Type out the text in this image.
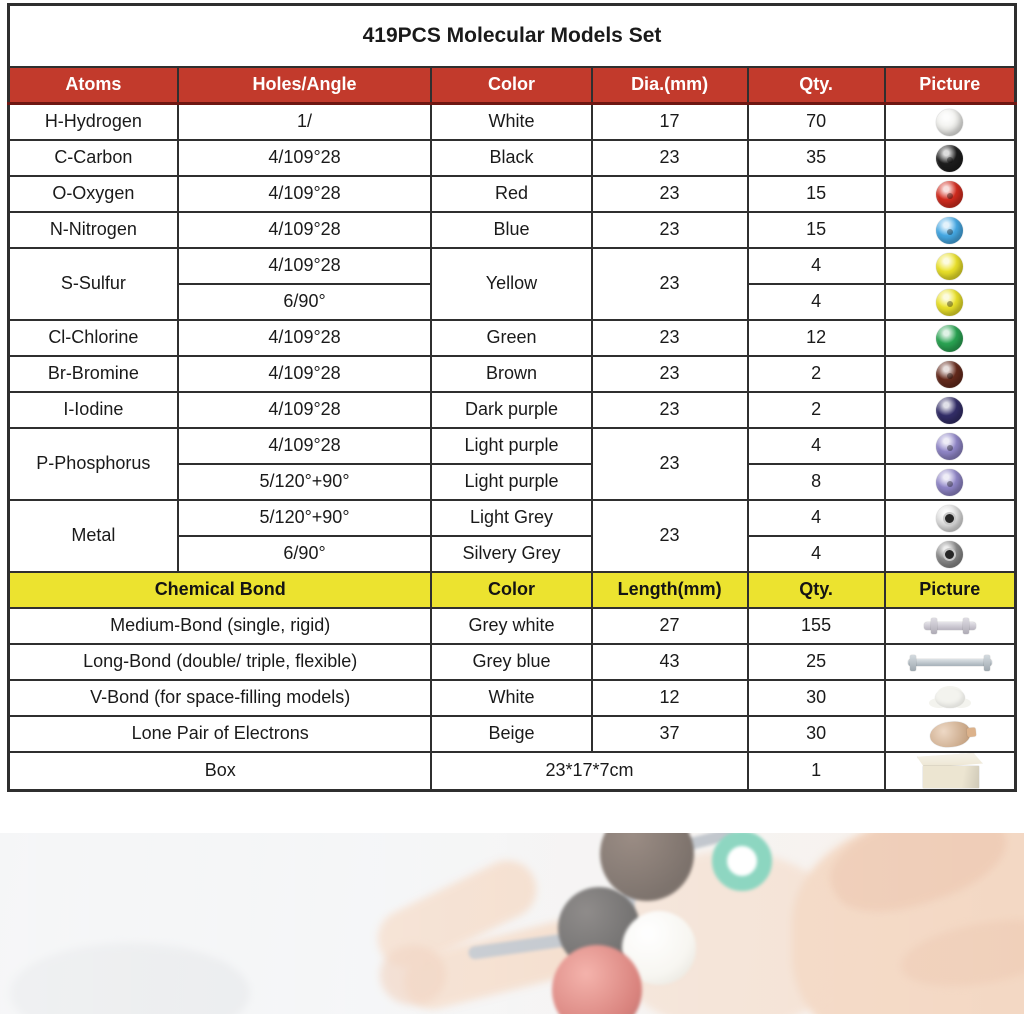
419PCS Molecular Models Set					
Atoms	Holes/Angle	Color	Dia.(mm)	Qty.	Picture
H-Hydrogen	1/	White	17	70	
C-Carbon	4/109°28	Black	23	35	
O-Oxygen	4/109°28	Red	23	15	
N-Nitrogen	4/109°28	Blue	23	15	
S-Sulfur	4/109°28	Yellow	23	4	
	6/90°			4	
Cl-Chlorine	4/109°28	Green	23	12	
Br-Bromine	4/109°28	Brown	23	2	
I-Iodine	4/109°28	Dark purple	23	2	
P-Phosphorus	4/109°28	Light purple	23	4	
	5/120°+90°	Light purple		8	
Metal	5/120°+90°	Light Grey	23	4	
	6/90°	Silvery Grey		4	
Chemical Bond		Color	Length(mm)	Qty.	Picture
Medium-Bond (single, rigid)		Grey white	27	155	
Long-Bond (double/ triple, flexible)		Grey blue	43	25	
V-Bond (for space-filling models)		White	12	30	
Lone Pair of Electrons		Beige	37	30	
Box		23*17*7cm		1	
